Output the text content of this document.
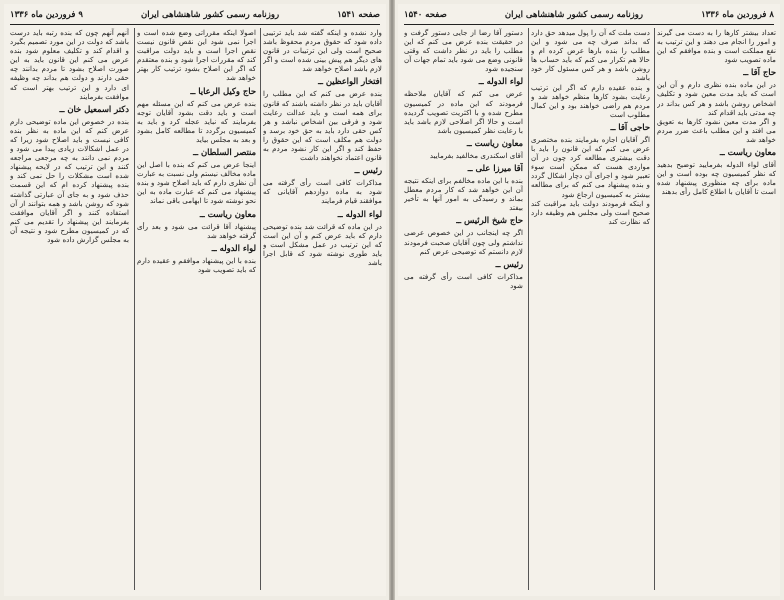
صفحه ۱۵۴۱
روزنامه رسمی کشور شاهنشاهی ایران
۹ فروردین ماه ۱۳۳۶

آنهم آنهم چون که بنده رتبه باید درست باشد که دولت در این مورد تصمیم بگیرد و اقدام کند و تکلیف معلوم شود بنده عرض می کنم این قانون باید به این صورت اصلاح بشود تا مردم بدانند چه حقی دارند و دولت هم بداند چه وظیفه ای دارد و این ترتیب بهتر است که موافقت بفرمایند

دکتر اسمعیل خان ــ

بنده در خصوص این ماده توضیحی دارم عرض کنم که این ماده به نظر بنده کافی نیست و باید اصلاح شود زیرا که در عمل اشکالات زیادی پیدا می شود و مردم نمی دانند به چه مرجعی مراجعه کنند و این ترتیب که در لایحه پیشنهاد شده است مشکلات را حل نمی کند و بنده پیشنهاد کرده ام که این قسمت حذف شود و به جای آن عبارتی گذاشته شود که روشن باشد و همه بتوانند از آن استفاده کنند و اگر آقایان موافقت بفرمایند این پیشنهاد را تقدیم می کنم که در کمیسیون مطرح شود و نتیجه آن به مجلس گزارش داده شود

اصولا اینکه مقرراتی وضع شده است و اجرا نمی شود این نقص قانون نیست نقص اجرا است و باید دولت مراقبت کند که مقررات اجرا شود و بنده معتقدم که اگر این اصلاح بشود ترتیب کار بهتر خواهد شد

حاج وکیل الرعایا ــ

بنده عرض می کنم که این مسئله مهم است و باید دقت بشود آقایان توجه بفرمایند که نباید عجله کرد و باید به کمیسیون برگردد تا مطالعه کامل بشود و بعد به مجلس بیاید

منتصر السلطان ــ

اینجا عرض می کنم که بنده با اصل این ماده مخالف نیستم ولی نسبت به عبارت آن نظری دارم که باید اصلاح شود و بنده پیشنهاد می کنم که عبارت ماده به این نحو نوشته شود تا ابهامی باقی نماند

معاون ریاست ــ

پیشنهاد آقا قرائت می شود و بعد رأی گرفته خواهد شد

لواء الدوله ــ

بنده با این پیشنهاد موافقم و عقیده دارم که باید تصویب شود

وارد نشده و اینکه گفته شد باید ترتیبی داده شود که حقوق مردم محفوظ باشد صحیح است ولی این ترتیبات در قانون های دیگر هم پیش بینی شده است و اگر لازم باشد اصلاح خواهد شد

افتخار الواعظین ــ

بنده عرض می کنم که این مطلب را آقایان باید در نظر داشته باشند که قانون برای همه است و باید عدالت رعایت شود و فرقی بین اشخاص نباشد و هر کس حقی دارد باید به حق خود برسد و دولت هم مکلف است که این حقوق را حفظ کند و اگر این کار نشود مردم به قانون اعتماد نخواهند داشت

رئیس ــ

مذاکرات کافی است رأی گرفته می شود به ماده دوازدهم آقایانی که موافقند قیام فرمایند

لواء الدوله ــ

در این ماده که قرائت شد بنده توضیحی دارم که باید عرض کنم و آن این است که این ترتیب در عمل مشکل است و باید طوری نوشته شود که قابل اجرا باشد

۸ فروردین ماه ۱۳۳۶
روزنامه رسمی کشور شاهنشاهی ایران
صفحه ۱۵۴۰

دستور آقا رضا از جایی دستور گرفت و در حقیقت بنده عرض می کنم که این مطلب را باید در نظر داشت که وقتی قانونی وضع می شود باید تمام جهات آن سنجیده شود

لواء الدوله ــ

عرض می کنم که آقایان ملاحظه فرمودند که این ماده در کمیسیون مطرح شده و با اکثریت تصویب گردیده است و حالا اگر اصلاحی لازم باشد باید با رعایت نظر کمیسیون باشد

معاون ریاست ــ

آقای اسکندری مخالفید بفرمایید

آقا میرزا علی ــ

بنده با این ماده مخالفم برای اینکه نتیجه آن این خواهد شد که کار مردم معطل بماند و رسیدگی به امور آنها به تأخیر بیفتد

حاج شیخ الرئیس ــ

اگر چه اینجانب در این خصوص عرضی نداشتم ولی چون آقایان صحبت فرمودند لازم دانستم که توضیحی عرض کنم

رئیس ــ

مذاکرات کافی است رأی گرفته می شود

دست ملت که آن را پول میدهد حق دارد که بداند صرف چه می شود و این مطلب را بنده بارها عرض کرده ام و حالا هم تکرار می کنم که باید حساب ها روشن باشد و هر کس مسئول کار خود باشد

و بنده عقیده دارم که اگر این ترتیب رعایت بشود کارها منظم خواهد شد و مردم هم راضی خواهند بود و این کمال مطلوب است

حاجی آقا ــ

اگر آقایان اجازه بفرمایند بنده مختصری عرض می کنم که این قانون را باید با دقت بیشتری مطالعه کرد چون در آن مواردی هست که ممکن است سوء تعبیر شود و اجرای آن دچار اشکال گردد و بنده پیشنهاد می کنم که برای مطالعه بیشتر به کمیسیون ارجاع شود

و اینکه فرمودند دولت باید مراقبت کند صحیح است ولی مجلس هم وظیفه دارد که نظارت کند

تعداد بیشتر کارها را به دست می گیرند و امور را انجام می دهند و این ترتیب به نفع مملکت است و بنده موافقم که این ماده تصویب شود

حاج آقا ــ

در این ماده بنده نظری دارم و آن این است که باید مدت معین شود و تکلیف اشخاص روشن باشد و هر کس بداند در چه مدتی باید اقدام کند

و اگر مدت معین نشود کارها به تعویق می افتد و این مطلب باعث ضرر مردم خواهد شد

معاون ریاست ــ

آقای لواء الدوله بفرمایید توضیح بدهید که نظر کمیسیون چه بوده است و این ماده برای چه منظوری پیشنهاد شده است تا آقایان با اطلاع کامل رأی بدهند
